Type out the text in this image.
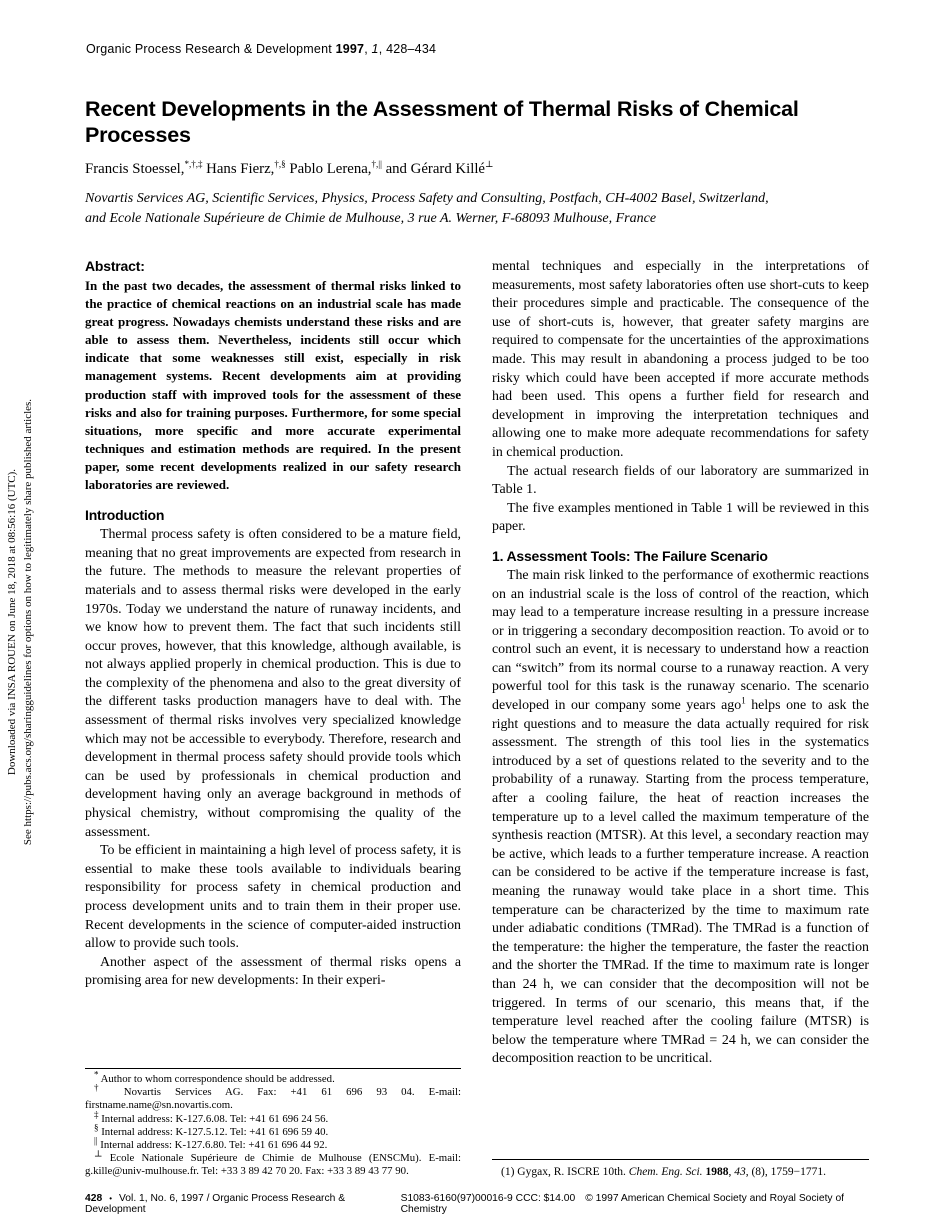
Downloaded via INSA ROUEN on June 18, 2018 at 08:56:16 (UTC). See https://pubs.acs.org/sharingguidelines for options on how to legitimately share published articles.
Organic Process Research & Development 1997, 1, 428–434
Recent Developments in the Assessment of Thermal Risks of Chemical
Processes
Francis Stoessel,*,†,‡ Hans Fierz,†,§ Pablo Lerena,†,|| and Gérard Killé⊥
Novartis Services AG, Scientific Services, Physics, Process Safety and Consulting, Postfach, CH-4002 Basel, Switzerland,
and Ecole Nationale Supérieure de Chimie de Mulhouse, 3 rue A. Werner, F-68093 Mulhouse, France
Abstract:

In the past two decades, the assessment of thermal risks linked to the practice of chemical reactions on an industrial scale has made great progress. Nowadays chemists understand these risks and are able to assess them. Nevertheless, incidents still occur which indicate that some weaknesses still exist, especially in risk management systems. Recent developments aim at providing production staff with improved tools for the assessment of these risks and also for training purposes. Furthermore, for some special situations, more specific and more accurate experimental techniques and estimation methods are required. In the present paper, some recent developments realized in our safety research laboratories are reviewed.

Introduction

Thermal process safety is often considered to be a mature field, meaning that no great improvements are expected from research in the future. The methods to measure the relevant properties of materials and to assess thermal risks were developed in the early 1970s. Today we understand the nature of runaway incidents, and we know how to prevent them. The fact that such incidents still occur proves, however, that this knowledge, although available, is not always applied properly in chemical production. This is due to the complexity of the phenomena and also to the great diversity of the different tasks production managers have to deal with. The assessment of thermal risks involves very specialized knowledge which may not be accessible to everybody. Therefore, research and development in thermal process safety should provide tools which can be used by professionals in chemical production and development having only an average background in methods of physical chemistry, without compromising the quality of the assessment.

To be efficient in maintaining a high level of process safety, it is essential to make these tools available to individuals bearing responsibility for process safety in chemical production and process development units and to train them in their proper use. Recent developments in the science of computer-aided instruction allow to provide such tools.

Another aspect of the assessment of thermal risks opens a promising area for new developments: In their experi-

mental techniques and especially in the interpretations of measurements, most safety laboratories often use short-cuts to keep their procedures simple and practicable. The consequence of the use of short-cuts is, however, that greater safety margins are required to compensate for the uncertainties of the approximations made. This may result in abandoning a process judged to be too risky which could have been accepted if more accurate methods had been used. This opens a further field for research and development in improving the interpretation techniques and allowing one to make more adequate recommendations for safety in chemical production.

The actual research fields of our laboratory are summarized in Table 1.

The five examples mentioned in Table 1 will be reviewed in this paper.

1. Assessment Tools: The Failure Scenario

The main risk linked to the performance of exothermic reactions on an industrial scale is the loss of control of the reaction, which may lead to a temperature increase resulting in a pressure increase or in triggering a secondary decomposition reaction. To avoid or to control such an event, it is necessary to understand how a reaction can “switch” from its normal course to a runaway reaction. A very powerful tool for this task is the runaway scenario. The scenario developed in our company some years ago$^1$ helps one to ask the right questions and to measure the data actually required for risk assessment. The strength of this tool lies in the systematics introduced by a set of questions related to the severity and to the probability of a runaway. Starting from the process temperature, after a cooling failure, the heat of reaction increases the temperature up to a level called the maximum temperature of the synthesis reaction (MTSR). At this level, a secondary reaction may be active, which leads to a further temperature increase. A reaction can be considered to be active if the temperature increase is fast, meaning the runaway would take place in a short time. This temperature can be characterized by the time to maximum rate under adiabatic conditions (TMRad). The TMRad is a function of the temperature: the higher the temperature, the faster the reaction and the shorter the TMRad. If the time to maximum rate is longer than 24 h, we can consider that the decomposition will not be triggered. In terms of our scenario, this means that, if the temperature level reached after the cooling failure (MTSR) is below the temperature where TMRad = 24 h, we can consider the decomposition reaction to be uncritical.

* Author to whom correspondence should be addressed.

† Novartis Services AG. Fax: +41 61 696 93 04. E-mail: firstname.name@sn.novartis.com.

‡ Internal address: K-127.6.08. Tel: +41 61 696 24 56.

§ Internal address: K-127.5.12. Tel: +41 61 696 59 40.

|| Internal address: K-127.6.80. Tel: +41 61 696 44 92.

⊥ Ecole Nationale Supérieure de Chimie de Mulhouse (ENSCMu). E-mail: g.kille@univ-mulhouse.fr. Tel: +33 3 89 42 70 20. Fax: +33 3 89 43 77 90.	(1) Gygax, R. ISCRE 10th. Chem. Eng. Sci. 1988, 43, (8), 1759−1771.

428 • Vol. 1, No. 6, 1997 / Organic Process Research & Development
S1083-6160(97)00016-9 CCC: $14.00 © 1997 American Chemical Society and Royal Society of Chemistry
